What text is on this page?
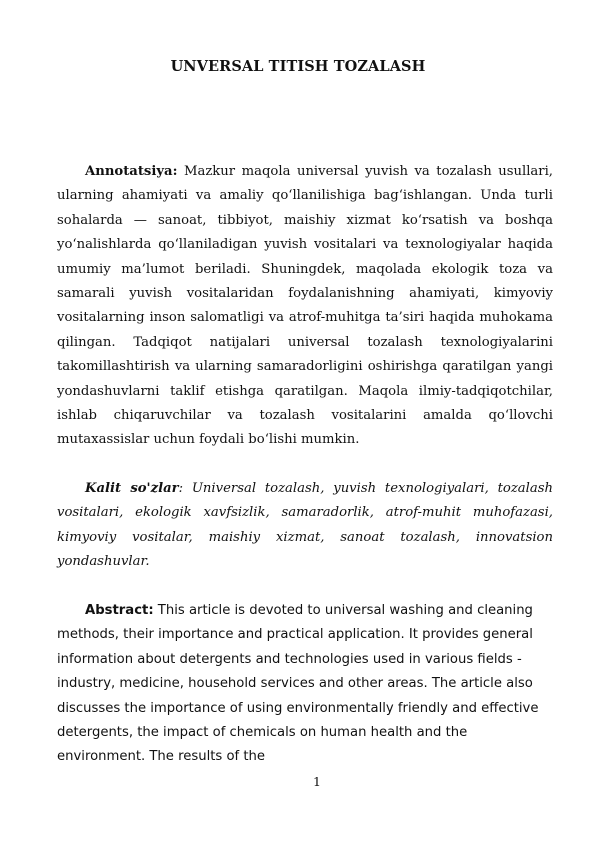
UNVERSAL TITISH TOZALASH

Annotatsiya: Mazkur maqola universal yuvish va tozalash usullari, ularning ahamiyati va amaliy qo‘llanilishiga bag‘ishlangan. Unda turli sohalarda — sanoat, tibbiyot, maishiy xizmat ko‘rsatish va boshqa yo‘nalishlarda qo‘llaniladigan yuvish vositalari va texnologiyalar haqida umumiy ma’lumot beriladi. Shuningdek, maqolada ekologik toza va samarali yuvish vositalaridan foydalanishning ahamiyati, kimyoviy vositalarning inson salomatligi va atrof-muhitga ta’siri haqida muhokama qilingan. Tadqiqot natijalari universal tozalash texnologiyalarini takomillashtirish va ularning samaradorligini oshirishga qaratilgan yangi yondashuvlarni taklif etishga qaratilgan. Maqola ilmiy-tadqiqotchilar, ishlab chiqaruvchilar va tozalash vositalarini amalda qo‘llovchi mutaxassislar uchun foydali bo‘lishi mumkin.

Kalit so'zlar: Universal tozalash, yuvish texnologiyalari, tozalash vositalari, ekologik xavfsizlik, samaradorlik, atrof-muhit muhofazasi, kimyoviy vositalar, maishiy xizmat, sanoat tozalash, innovatsion yondashuvlar.

Abstract: This article is devoted to universal washing and cleaning methods, their importance and practical application. It provides general information about detergents and technologies used in various fields - industry, medicine, household services and other areas. The article also discusses the importance of using environmentally friendly and effective detergents, the impact of chemicals on human health and the environment. The results of the

1
